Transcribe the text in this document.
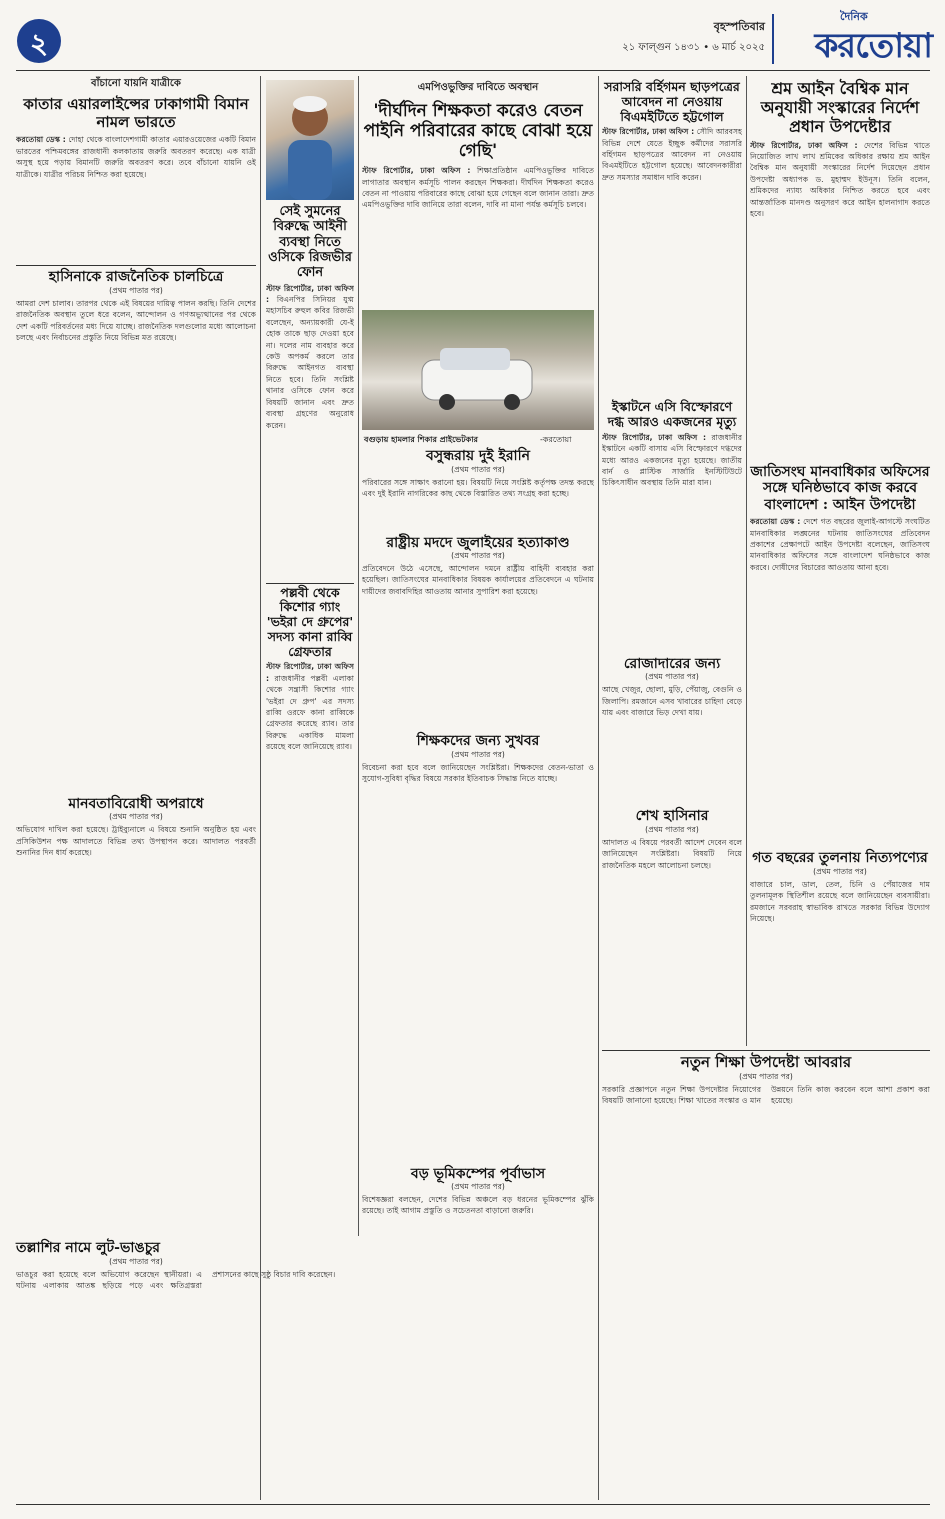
২
বৃহস্পতিবার
২১ ফাল্গুন ১৪৩১ • ৬ মার্চ ২০২৫
দৈনিক
করতোয়া
বাঁচানো যায়নি যাত্রীকে
কাতার এয়ারলাইন্সের ঢাকাগামী বিমান নামল ভারতে
করতোয়া ডেস্ক : দোহা থেকে বাংলাদেশগামী কাতার এয়ারওয়েজের একটি বিমান ভারতের পশ্চিমবঙ্গের রাজধানী কলকাতায় জরুরি অবতরণ করেছে। এক যাত্রী অসুস্থ হয়ে পড়ায় বিমানটি জরুরি অবতরণ করে। তবে বাঁচানো যায়নি ওই যাত্রীকে। যাত্রীর পরিচয় নিশ্চিত করা হয়েছে।
হাসিনাকে রাজনৈতিক চালচিত্রে
(প্রথম পাতার পর)
আমরা দেশ চালাব। তারপর থেকে এই বিষয়ের দায়িত্ব পালন করছি। তিনি দেশের রাজনৈতিক অবস্থান তুলে ধরে বলেন, আন্দোলন ও গণঅভ্যুত্থানের পর থেকে দেশ একটি পরিবর্তনের মধ্য দিয়ে যাচ্ছে। রাজনৈতিক দলগুলোর মধ্যে আলোচনা চলছে এবং নির্বাচনের প্রস্তুতি নিয়ে বিভিন্ন মত রয়েছে।
মানবতাবিরোধী অপরাধে
(প্রথম পাতার পর)
অভিযোগ দাখিল করা হয়েছে। ট্রাইব্যুনালে এ বিষয়ে শুনানি অনুষ্ঠিত হয় এবং প্রসিকিউশন পক্ষ আদালতে বিভিন্ন তথ্য উপস্থাপন করে। আদালত পরবর্তী শুনানির দিন ধার্য করেছে।
সেই সুমনের বিরুদ্ধে আইনী ব্যবস্থা নিতে ওসিকে রিজভীর ফোন
স্টাফ রিপোর্টার, ঢাকা অফিস : বিএনপির সিনিয়র যুগ্ম মহাসচিব রুহুল কবির রিজভী বলেছেন, অন্যায়কারী যে-ই হোক তাকে ছাড় দেওয়া হবে না। দলের নাম ব্যবহার করে কেউ অপকর্ম করলে তার বিরুদ্ধে আইনগত ব্যবস্থা নিতে হবে। তিনি সংশ্লিষ্ট থানার ওসিকে ফোন করে বিষয়টি জানান এবং দ্রুত ব্যবস্থা গ্রহণের অনুরোধ করেন।
পল্লবী থেকে কিশোর গ্যাং 'ভইরা দে গ্রুপের' সদস্য কানা রাব্বি গ্রেফতার
স্টাফ রিপোর্টার, ঢাকা অফিস : রাজধানীর পল্লবী এলাকা থেকে সন্ত্রাসী কিশোর গ্যাং 'ভইরা দে গ্রুপ' এর সদস্য রাব্বি ওরফে কানা রাব্বিকে গ্রেফতার করেছে র‌্যাব। তার বিরুদ্ধে একাধিক মামলা রয়েছে বলে জানিয়েছে র‌্যাব।
এমপিওভুক্তির দাবিতে অবস্থান
'দীর্ঘদিন শিক্ষকতা করেও বেতন পাইনি পরিবারের কাছে বোঝা হয়ে গেছি'
স্টাফ রিপোর্টার, ঢাকা অফিস : শিক্ষাপ্রতিষ্ঠান এমপিওভুক্তির দাবিতে লাগাতার অবস্থান কর্মসূচি পালন করছেন শিক্ষকরা। দীর্ঘদিন শিক্ষকতা করেও বেতন না পাওয়ায় পরিবারের কাছে বোঝা হয়ে গেছেন বলে জানান তারা। দ্রুত এমপিওভুক্তির দাবি জানিয়ে তারা বলেন, দাবি না মানা পর্যন্ত কর্মসূচি চলবে।
বগুড়ায় হামলার শিকার প্রাইভেটকার	-করতোয়া
বসুন্ধরায় দুই ইরানি
(প্রথম পাতার পর)
পরিবারের সঙ্গে সাক্ষাৎ করানো হয়। বিষয়টি নিয়ে সংশ্লিষ্ট কর্তৃপক্ষ তদন্ত করছে এবং দুই ইরানি নাগরিকের কাছ থেকে বিস্তারিত তথ্য সংগ্রহ করা হচ্ছে।
রাষ্ট্রীয় মদদে জুলাইয়ের হত্যাকাণ্ড
(প্রথম পাতার পর)
প্রতিবেদনে উঠে এসেছে, আন্দোলন দমনে রাষ্ট্রীয় বাহিনী ব্যবহার করা হয়েছিল। জাতিসংঘের মানবাধিকার বিষয়ক কার্যালয়ের প্রতিবেদনে এ ঘটনায় দায়ীদের জবাবদিহির আওতায় আনার সুপারিশ করা হয়েছে।
শিক্ষকদের জন্য সুখবর
(প্রথম পাতার পর)
বিবেচনা করা হবে বলে জানিয়েছেন সংশ্লিষ্টরা। শিক্ষকদের বেতন-ভাতা ও সুযোগ-সুবিধা বৃদ্ধির বিষয়ে সরকার ইতিবাচক সিদ্ধান্ত নিতে যাচ্ছে।
বড় ভূমিকম্পের পূর্বাভাস
(প্রথম পাতার পর)
বিশেষজ্ঞরা বলছেন, দেশের বিভিন্ন অঞ্চলে বড় ধরনের ভূমিকম্পের ঝুঁকি রয়েছে। তাই আগাম প্রস্তুতি ও সচেতনতা বাড়ানো জরুরি।
সরাসরি বর্হিগমন ছাড়পত্রের আবেদন না নেওয়ায় বিএমইটিতে হট্টগোল
স্টাফ রিপোর্টার, ঢাকা অফিস : সৌদি আরবসহ বিভিন্ন দেশে যেতে ইচ্ছুক কর্মীদের সরাসরি বর্হিগমন ছাড়পত্রের আবেদন না নেওয়ায় বিএমইটিতে হট্টগোল হয়েছে। আবেদনকারীরা দ্রুত সমস্যার সমাধান দাবি করেন।
ইস্কাটনে এসি বিস্ফোরণে দগ্ধ আরও একজনের মৃত্যু
স্টাফ রিপোর্টার, ঢাকা অফিস : রাজধানীর ইস্কাটনে একটি বাসায় এসি বিস্ফোরণে দগ্ধদের মধ্যে আরও একজনের মৃত্যু হয়েছে। জাতীয় বার্ন ও প্লাস্টিক সার্জারি ইনস্টিটিউটে চিকিৎসাধীন অবস্থায় তিনি মারা যান।
রোজাদারের জন্য
(প্রথম পাতার পর)
আছে খেজুর, ছোলা, মুড়ি, পেঁয়াজু, বেগুনি ও জিলাপি। রমজানে এসব খাবারের চাহিদা বেড়ে যায় এবং বাজারে ভিড় দেখা যায়।
শেখ হাসিনার
(প্রথম পাতার পর)
আদালত এ বিষয়ে পরবর্তী আদেশ দেবেন বলে জানিয়েছেন সংশ্লিষ্টরা। বিষয়টি নিয়ে রাজনৈতিক মহলে আলোচনা চলছে।
শ্রম আইন বৈশ্বিক মান অনুযায়ী সংস্কারের নির্দেশ প্রধান উপদেষ্টার
স্টাফ রিপোর্টার, ঢাকা অফিস : দেশের বিভিন্ন খাতে নিয়োজিত লাখ লাখ শ্রমিকের অধিকার রক্ষায় শ্রম আইন বৈশ্বিক মান অনুযায়ী সংস্কারের নির্দেশ দিয়েছেন প্রধান উপদেষ্টা অধ্যাপক ড. মুহাম্মদ ইউনূস। তিনি বলেন, শ্রমিকদের ন্যায্য অধিকার নিশ্চিত করতে হবে এবং আন্তর্জাতিক মানদণ্ড অনুসরণ করে আইন হালনাগাদ করতে হবে।
জাতিসংঘ মানবাধিকার অফিসের সঙ্গে ঘনিষ্ঠভাবে কাজ করবে বাংলাদেশ : আইন উপদেষ্টা
করতোয়া ডেস্ক : দেশে গত বছরের জুলাই-আগস্টে সংঘটিত মানবাধিকার লঙ্ঘনের ঘটনায় জাতিসংঘের প্রতিবেদন প্রকাশের প্রেক্ষাপটে আইন উপদেষ্টা বলেছেন, জাতিসংঘ মানবাধিকার অফিসের সঙ্গে বাংলাদেশ ঘনিষ্ঠভাবে কাজ করবে। দোষীদের বিচারের আওতায় আনা হবে।
গত বছরের তুলনায় নিত্যপণ্যের
(প্রথম পাতার পর)
বাজারে চাল, ডাল, তেল, চিনি ও পেঁয়াজের দাম তুলনামূলক স্থিতিশীল রয়েছে বলে জানিয়েছেন ব্যবসায়ীরা। রমজানে সরবরাহ স্বাভাবিক রাখতে সরকার বিভিন্ন উদ্যোগ নিয়েছে।
নতুন শিক্ষা উপদেষ্টা আবরার
(প্রথম পাতার পর)
সরকারি প্রজ্ঞাপনে নতুন শিক্ষা উপদেষ্টার নিয়োগের বিষয়টি জানানো হয়েছে। শিক্ষা খাতের সংস্কার ও মান উন্নয়নে তিনি কাজ করবেন বলে আশা প্রকাশ করা হয়েছে।
তল্লাশির নামে লুট-ভাঙচুর
(প্রথম পাতার পর)
ভাঙচুর করা হয়েছে বলে অভিযোগ করেছেন স্থানীয়রা। এ ঘটনায় এলাকায় আতঙ্ক ছড়িয়ে পড়ে এবং ক্ষতিগ্রস্তরা প্রশাসনের কাছে সুষ্ঠু বিচার দাবি করেছেন।
